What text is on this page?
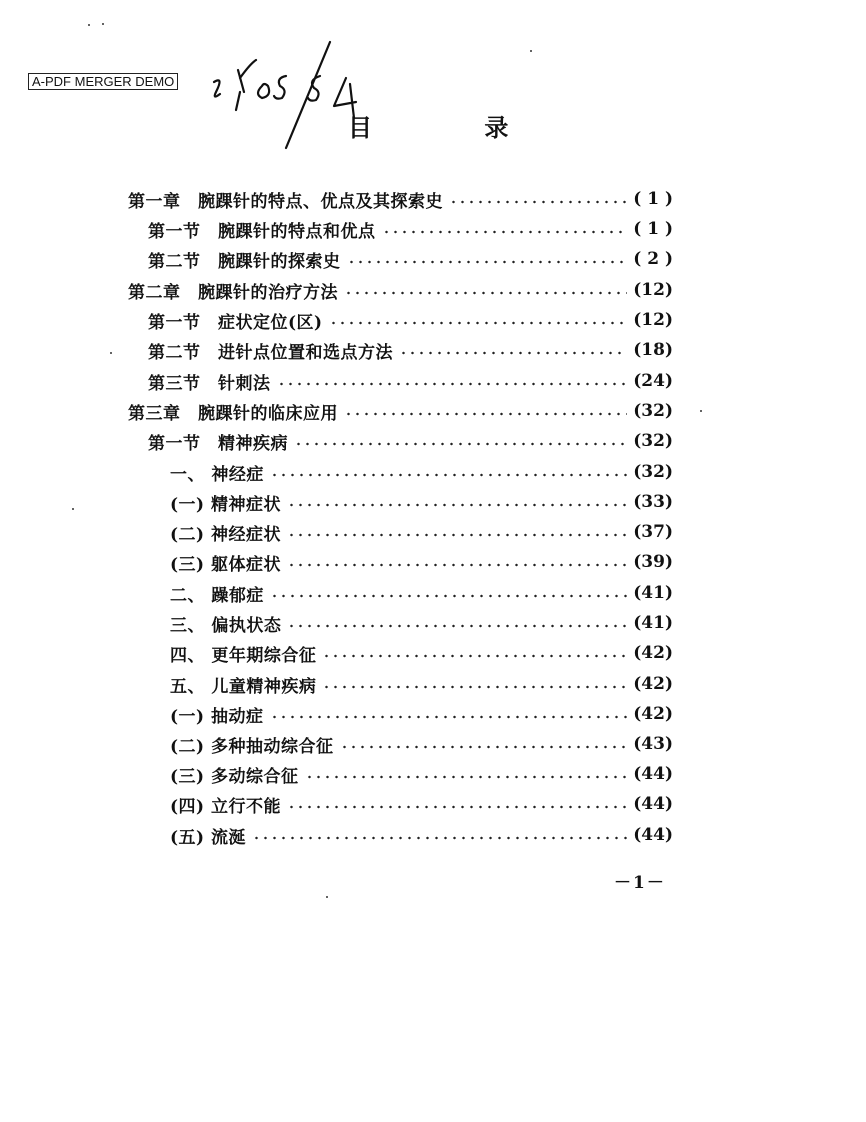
A-PDF MERGER DEMO
目 录
第一章　腕踝针的特点、优点及其探索史	( 1 )
第一节　腕踝针的特点和优点	( 1 )
第二节　腕踝针的探索史	( 2 )
第二章　腕踝针的治疗方法	(12)
第一节　症状定位(区)	(12)
第二节　进针点位置和选点方法	(18)
第三节　针刺法	(24)
第三章　腕踝针的临床应用	(32)
第一节　精神疾病	(32)
一、 神经症	(32)
(一) 精神症状	(33)
(二) 神经症状	(37)
(三) 躯体症状	(39)
二、 躁郁症	(41)
三、 偏执状态	(41)
四、 更年期综合征	(42)
五、 儿童精神疾病	(42)
(一) 抽动症	(42)
(二) 多种抽动综合征	(43)
(三) 多动综合征	(44)
(四) 立行不能	(44)
(五) 流涎	(44)
－1－
